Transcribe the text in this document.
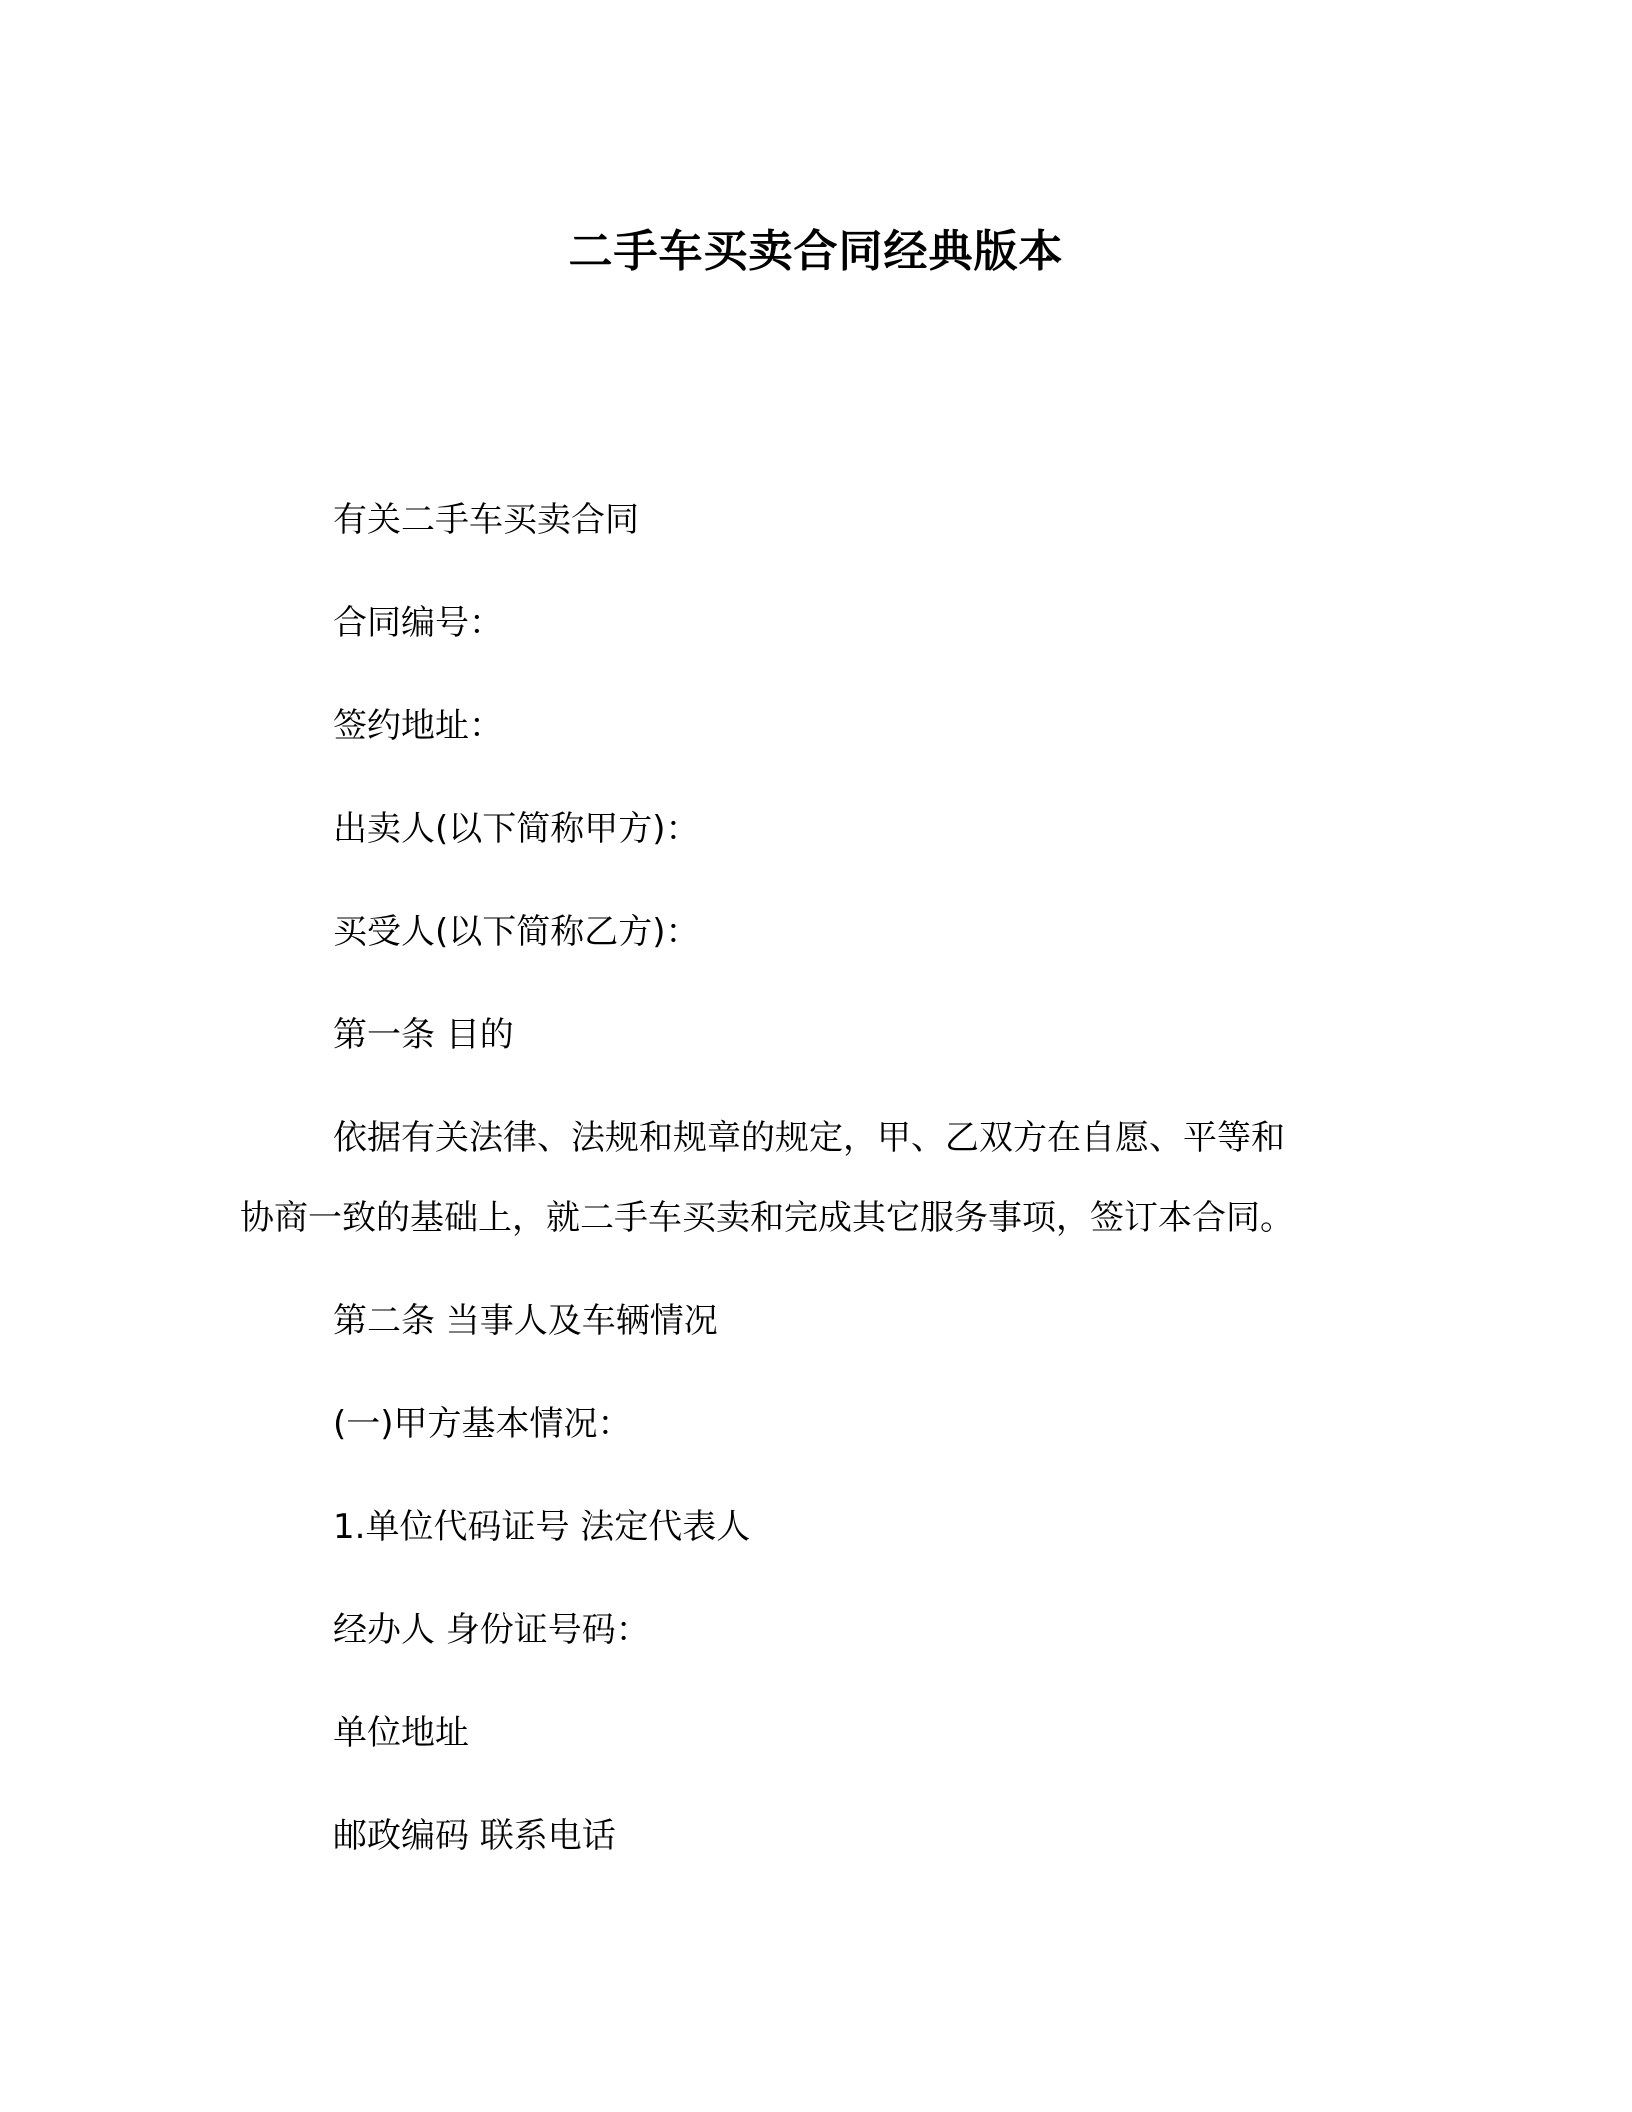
二手车买卖合同经典版本

有关二手车买卖合同

合同编号：

签约地址：

出卖人(以下简称甲方)：

买受人(以下简称乙方)：

第一条 目的

依据有关法律、法规和规章的规定，甲、乙双方在自愿、平等和

协商一致的基础上，就二手车买卖和完成其它服务事项，签订本合同。

第二条 当事人及车辆情况

(一)甲方基本情况：

1.单位代码证号 法定代表人

经办人 身份证号码：

单位地址

邮政编码 联系电话
